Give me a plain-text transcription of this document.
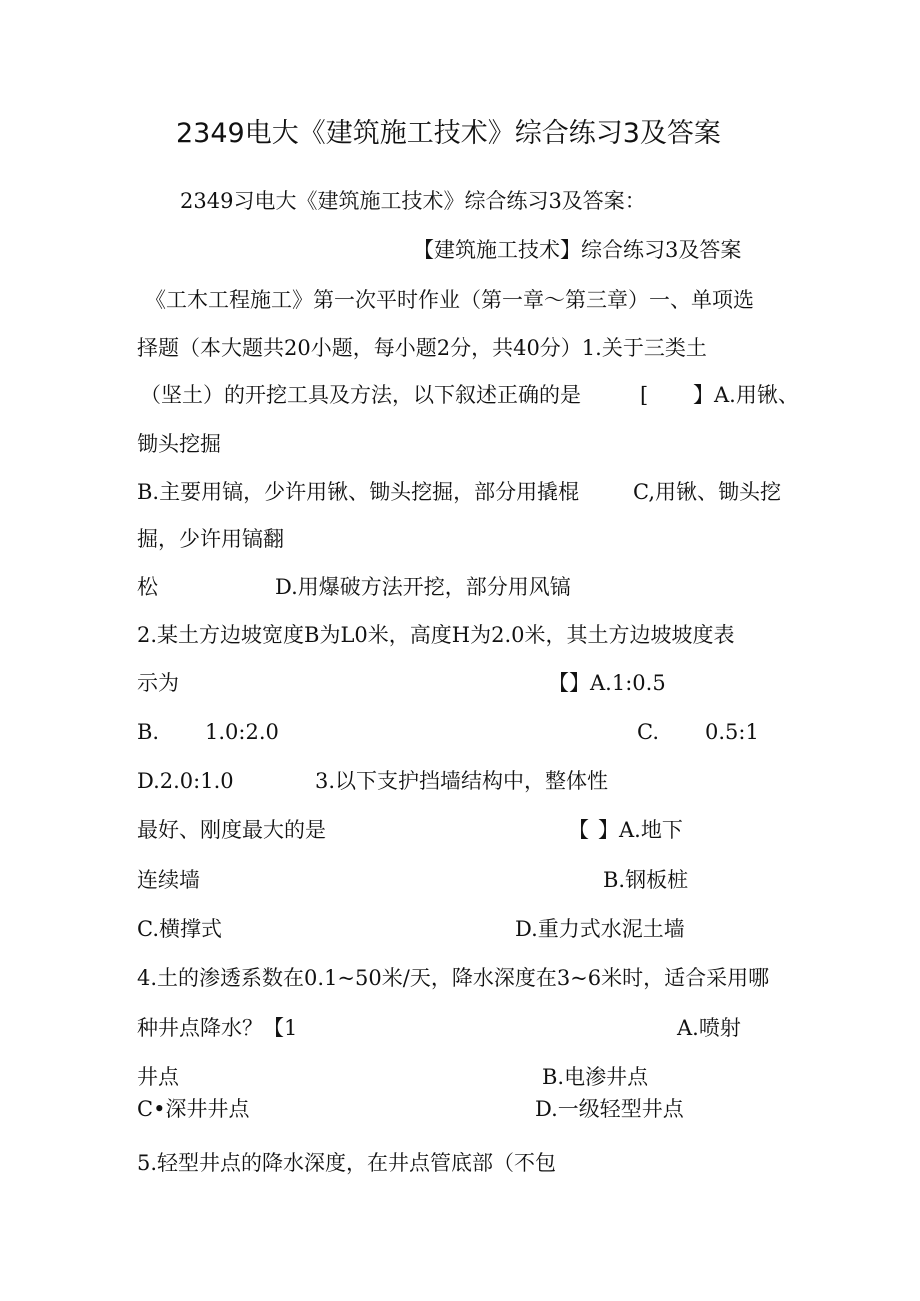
2349电大《建筑施工技术》综合练习3及答案
2349习电大《建筑施工技术》综合练习3及答案：
【建筑施工技术】综合练习3及答案
《工木工程施工》第一次平时作业（第一章～第三章）一、单项选
择题（本大题共20小题，每小题2分，共40分）1.关于三类土
（坚土）的开挖工具及方法，以下叙述正确的是	[ 】A.用锹、
锄头挖掘
B.主要用镐，少许用锹、锄头挖掘，部分用撬棍	C,用锹、锄头挖
掘，少许用镐翻
松	D.用爆破方法开挖，部分用风镐
2.某土方边坡宽度B为L0米，高度H为2.0米，其土方边坡坡度表
示为	【】A.1:0.5
B. 1.0:2.0	C. 0.5:1
D.2.0:1.0	3.以下支护挡墙结构中，整体性
最好、刚度最大的是	【 】A.地下
连续墙	B.钢板桩
C.横撑式	D.重力式水泥土墙
4.土的渗透系数在0.1~50米/天，降水深度在3~6米时，适合采用哪
种井点降水？【1	A.喷射
井点	B.电渗井点
C•深井井点	D.一级轻型井点
5.轻型井点的降水深度，在井点管底部（不包
